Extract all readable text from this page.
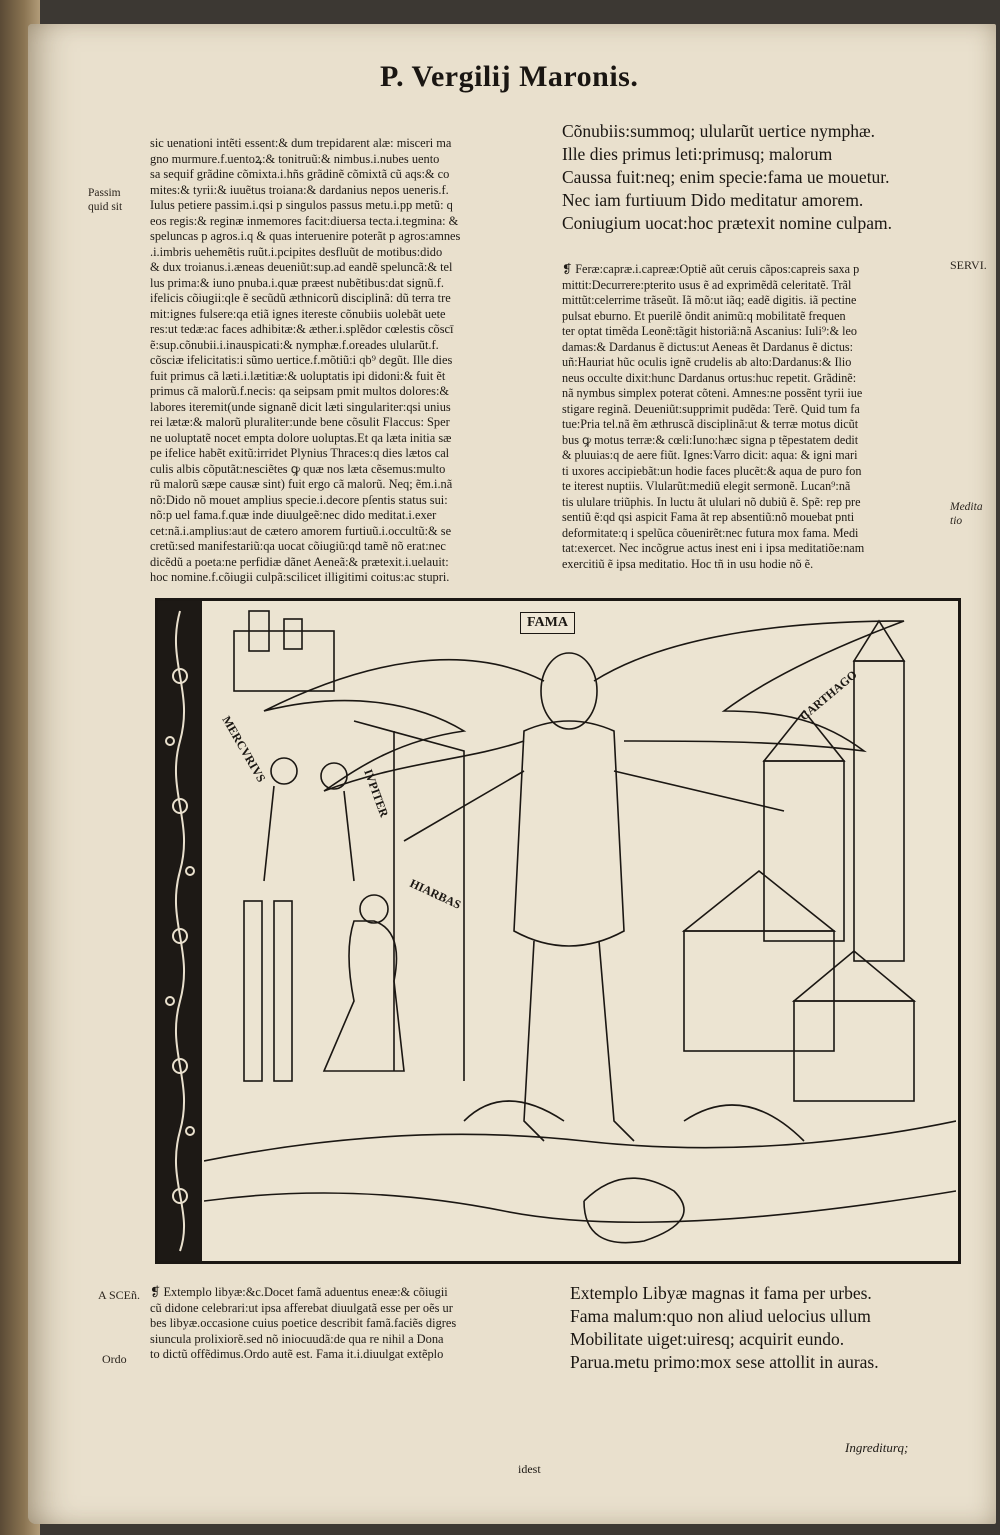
P. Vergilij Maronis.
Passim quid sit
SERVI.
Medita tio
A SCEñ.
Ordo

sic uenationi intẽti essent:& dum trepidarent alæ: misceri ma

gno murmure.f.uentoꝝ:& tonitruũ:& nimbus.i.nubes uento

sa sequif grãdine cõmixta.i.hñs grãdinẽ cõmixtã cũ aqs:& co

mites:& tyrii:& iuuẽtus troiana:& dardanius nepos ueneris.f.

Iulus petiere passim.i.qsi p singulos passus metu.i.pp metũ: q

eos regis:& reginæ inmemores facit:diuersa tecta.i.tegmina: &

speluncas p agros.i.q & quas interuenire poterãt p agros:amnes

.i.imbris uehemẽtis ruũt.i.pcipites desfluũt de motibus:dido

& dux troianus.i.æneas deueniũt:sup.ad eandẽ speluncã:& tel

lus prima:& iuno pnuba.i.quæ præest nubẽtibus:dat signũ.f.

ifelicis cõiugii:qle ẽ secũdũ æthnicorũ disciplinã: dũ terra tre

mit:ignes fulsere:qa etiã ignes itereste cõnubiis uolebãt uete

res:ut tedæ:ac faces adhibitæ:& æther.i.splẽdor cœlestis cõscī

ẽ:sup.cõnubii.i.inauspicati:& nymphæ.f.oreades ulularũt.f.

cõsciæ ifelicitatis:i sũmo uertice.f.mõtiũ:i qb⁹ degũt. Ille dies

fuit primus cã læti.i.lætitiæ:& uoluptatis ipi didoni:& fuit ẽt

primus cã malorũ.f.necis: qa seipsam pmit multos dolores:&

labores iteremit(unde signanẽ dicit læti singulariter:qsi unius

rei lætæ:& malorũ pluraliter:unde bene cõsulit Flaccus: Sper

ne uoluptatẽ nocet empta dolore uoluptas.Et qa læta initia sæ

pe ifelice habẽt exitũ:irridet Plynius Thraces:q dies lætos cal

culis albis cõputãt:nesciẽtes ꝙ quæ nos læta cẽsemus:multo

rũ malorũ sæpe causæ sint) fuit ergo cã malorũ. Neq; ẽm.i.nã

nõ:Dido nõ mouet amplius specie.i.decore pſentis status sui:

nõ:p uel fama.f.quæ inde diuulgeẽ:nec dido meditat.i.exer

cet:nã.i.amplius:aut de cætero amorem furtiuũ.i.occultũ:& se

cretũ:sed manifestariũ:qa uocat cõiugiũ:qd tamẽ nõ erat:nec

dicẽdũ a poeta:ne perfidiæ dãnet Aeneã:& prætexit.i.uelauit:

hoc nomine.f.cõiugii culpã:scilicet illigitimi coitus:ac stupri.

Cõnubiis:summoq; ulularũt uertice nymphæ.
Ille dies primus leti:primusq; malorum
Caussa fuit:neq; enim specie:fama ue mouetur.
Nec iam furtiuum Dido meditatur amorem.
Coniugium uocat:hoc prætexit nomine culpam.

❡ Feræ:capræ.i.capreæ:Optiẽ aũt ceruis cãpos:capreis saxa p

mittit:Decurrere:pterito usus ẽ ad exprimẽdã celeritatẽ. Trãl

mittũt:celerrime trãseũt. Iã mõ:ut iãq; eadẽ digitis. iã pectine

pulsat eburno. Et puerilẽ õndit animũ:q mobilitatẽ frequen

ter optat timẽda Leonẽ:tãgit historiã:nã Ascanius: Iuli⁹:& leo

damas:& Dardanus ẽ dictus:ut Aeneas ẽt Dardanus ẽ dictus:

uñ:Hauriat hũc oculis ignẽ crudelis ab alto:Dardanus:& Ilio

neus occulte dixit:hunc Dardanus ortus:huc repetit. Grãdinẽ:

nã nymbus simplex poterat cõteni. Amnes:ne possẽnt tyrii iue

stigare reginã. Deueniũt:supprimit pudẽda: Terẽ. Quid tum fa

tue:Pria tel.nã ẽm æthruscã disciplinã:ut & terræ motus dicũt

bus ꝙ motus terræ:& cœli:Iuno:hæc signa p tẽpestatem dedit

& pluuias:q de aere fiũt. Ignes:Varro dicit: aqua: & igni mari

ti uxores accipiebãt:un hodie faces plucẽt:& aqua de puro fon

te iterest nuptiis. Vlularũt:mediũ elegit sermonẽ. Lucan⁹:nã

tis ululare triũphis. In luctu ãt ululari nõ dubiũ ẽ. Spẽ: rep pre

sentiũ ẽ:qd qsi aspicit Fama ãt rep absentiũ:nõ mouebat pnti

deformitate:q i spelũca cõuenirẽt:nec futura mox fama. Medi

tat:exercet. Nec incõgrue actus inest eni i ipsa meditatiõe:nam

exercitiũ ẽ ipsa meditatio. Hoc tñ in usu hodie nõ ẽ.

CARTHAGO
MERCVRIVS
IVPITER
HIARBAS
FAMA

❡ Extemplo libyæ:&c.Docet famã aduentus eneæ:& cõiugii

cũ didone celebrari:ut ipsa afferebat diuulgatã esse per oẽs ur

bes libyæ.occasione cuius poetice describit famã.faciẽs digres

siuncula prolixiorẽ.sed nõ iniocuudã:de qua re nihil a Dona

to dictũ offẽdimus.Ordo autẽ est. Fama it.i.diuulgat extẽplo

idest
Extemplo Libyæ magnas it fama per urbes.
Fama malum:quo non aliud uelocius ullum
Mobilitate uiget:uiresq; acquirit eundo.
Parua.metu primo:mox sese attollit in auras.
Ingrediturq;
